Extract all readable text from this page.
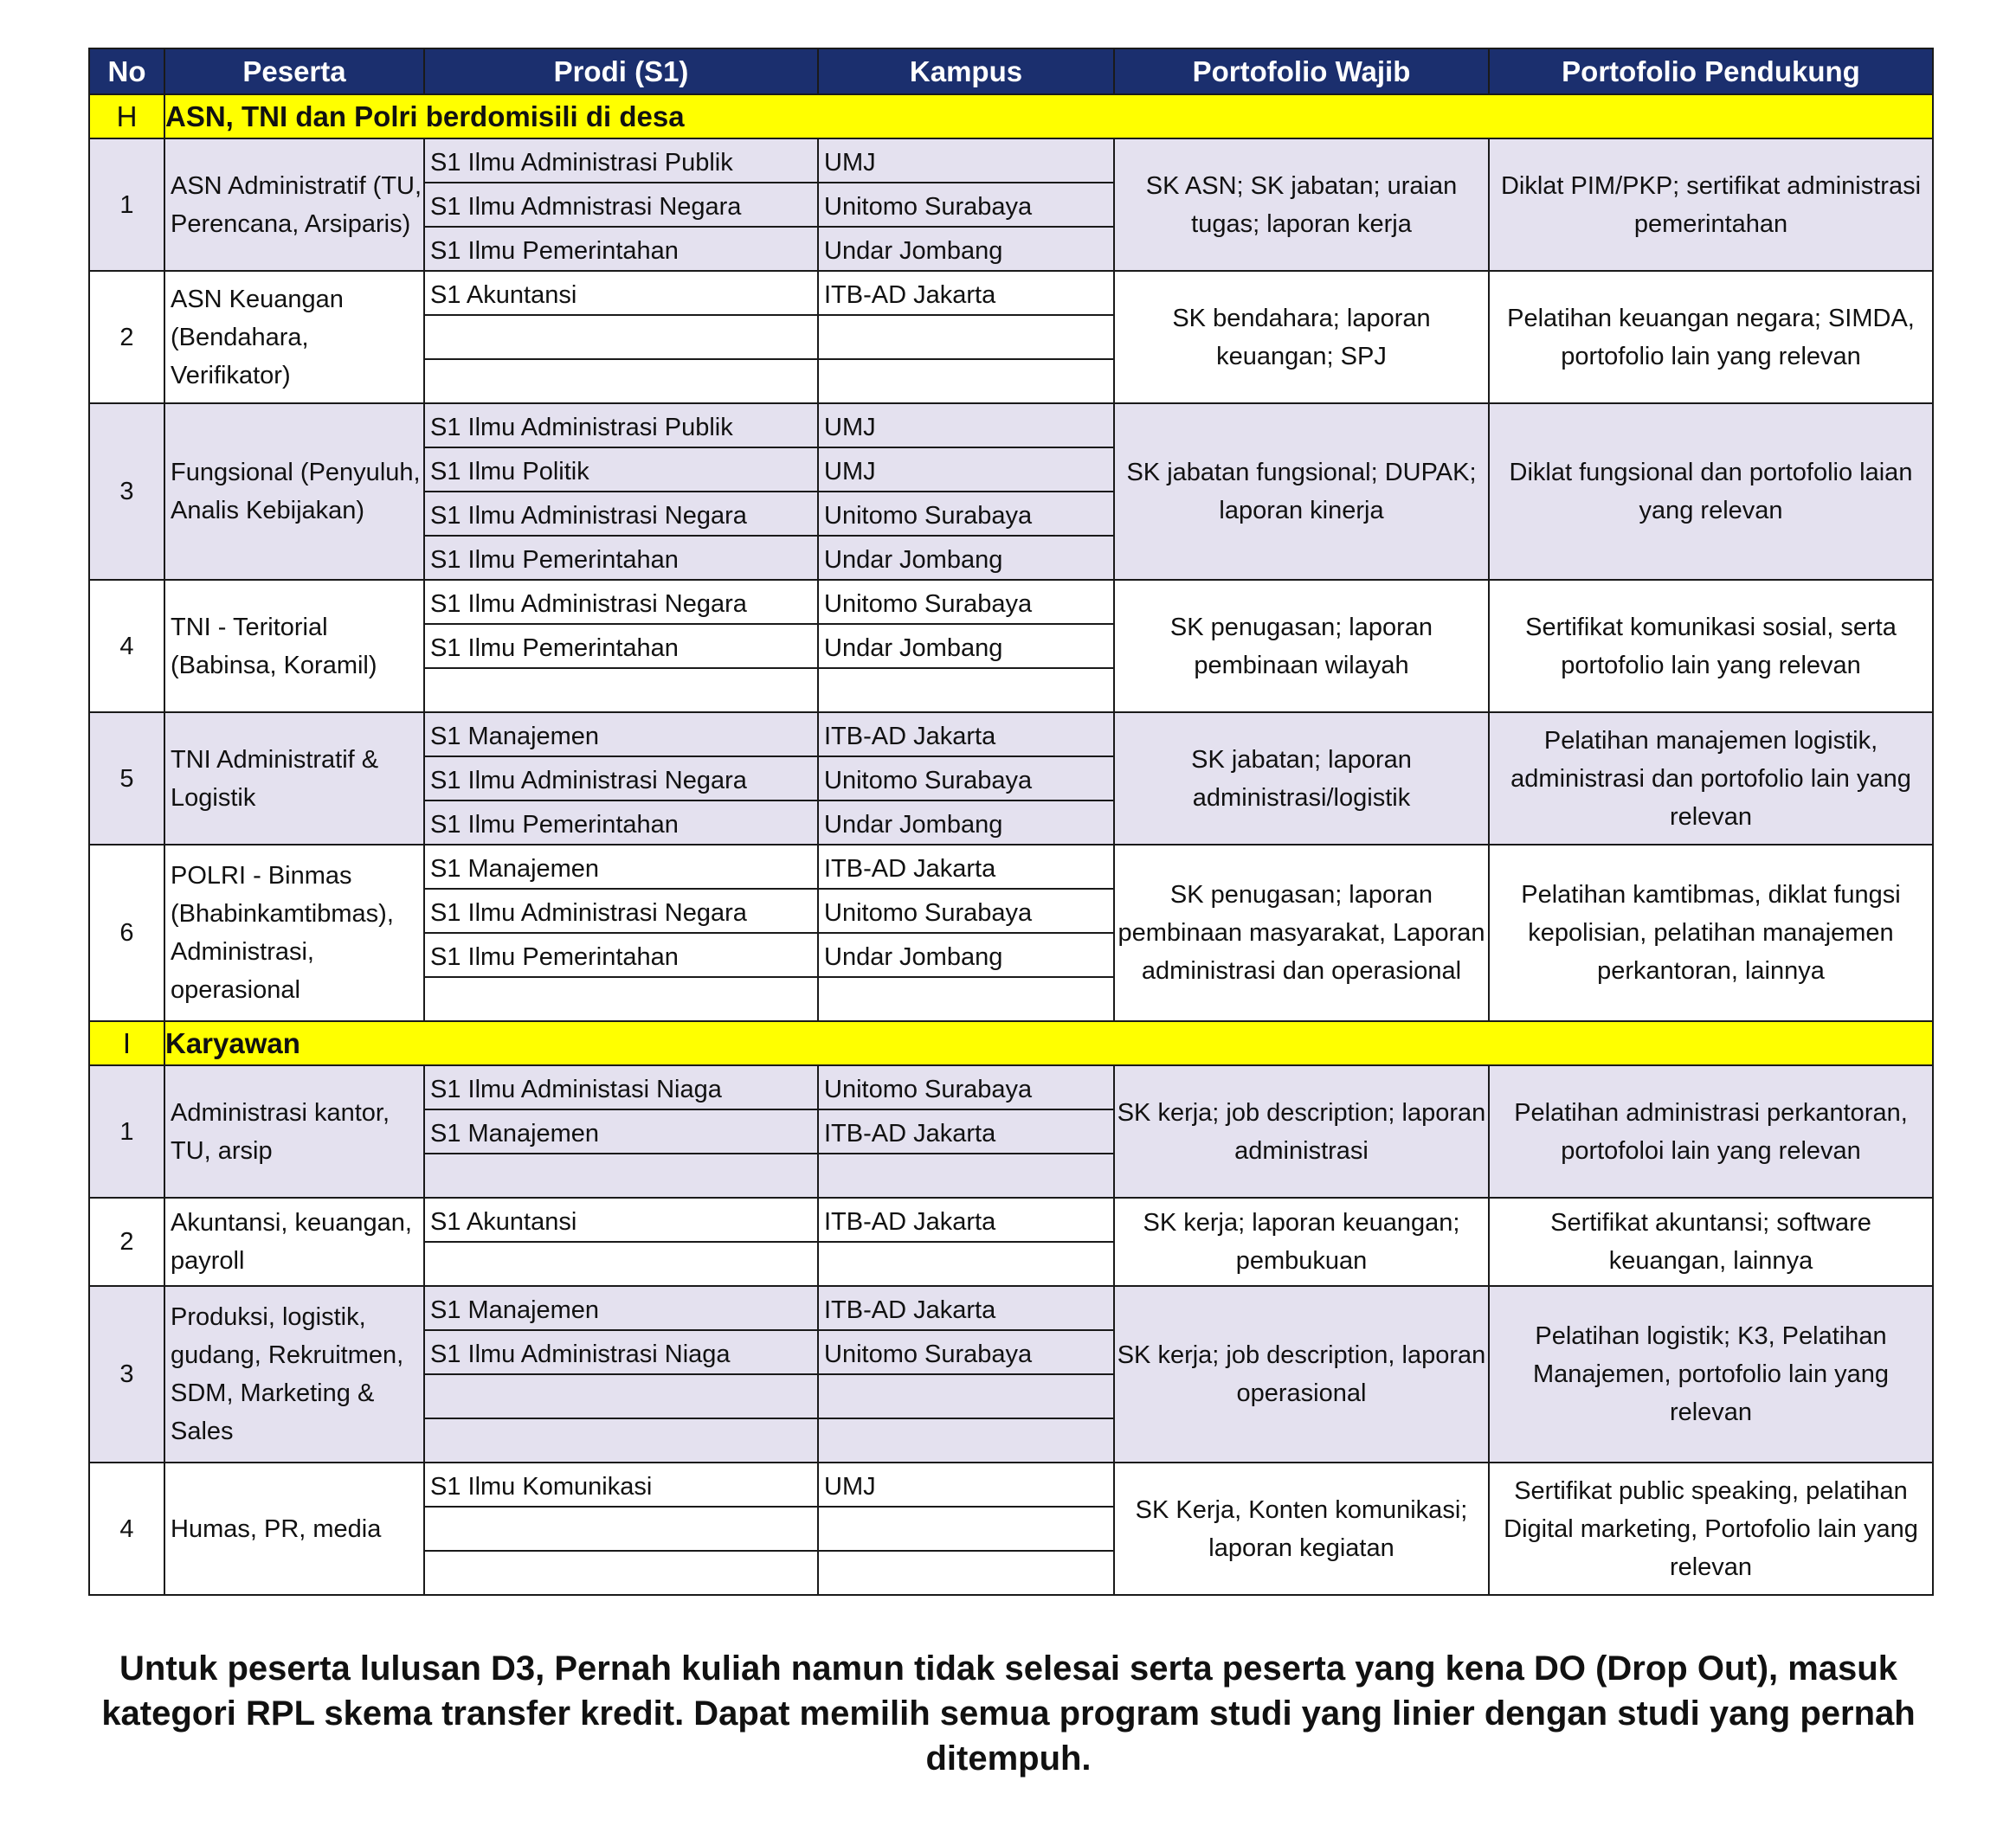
No	Peserta	Prodi (S1)	Kampus	Portofolio Wajib	Portofolio Pendukung
H	ASN, TNI dan Polri berdomisili di desa				
1	ASN Administratif (TU, Perencana, Arsiparis)	S1 Ilmu Administrasi Publik	UMJ	SK ASN; SK jabatan; uraian tugas; laporan kerja	Diklat PIM/PKP; sertifikat administrasi pemerintahan
		S1 Ilmu Admnistrasi Negara	Unitomo Surabaya		
		S1 Ilmu Pemerintahan	Undar Jombang		
2	ASN Keuangan (Bendahara, Verifikator)	S1 Akuntansi	ITB-AD Jakarta	SK bendahara; laporan keuangan; SPJ	Pelatihan keuangan negara; SIMDA, portofolio lain yang relevan

3	Fungsional (Penyuluh, Analis Kebijakan)	S1 Ilmu Administrasi Publik	UMJ	SK jabatan fungsional; DUPAK; laporan kinerja	Diklat fungsional dan portofolio laian yang relevan
		S1 Ilmu Politik	UMJ		
		S1 Ilmu Administrasi Negara	Unitomo Surabaya		
		S1 Ilmu Pemerintahan	Undar Jombang		
4	TNI - Teritorial (Babinsa, Koramil)	S1 Ilmu Administrasi Negara	Unitomo Surabaya	SK penugasan; laporan pembinaan wilayah	Sertifikat komunikasi sosial, serta portofolio lain yang relevan
		S1 Ilmu Pemerintahan	Undar Jombang		

5	TNI Administratif & Logistik	S1 Manajemen	ITB-AD Jakarta	SK jabatan; laporan administrasi/logistik	Pelatihan manajemen logistik, administrasi dan portofolio lain yang relevan
		S1 Ilmu Administrasi Negara	Unitomo Surabaya		
		S1 Ilmu Pemerintahan	Undar Jombang		
6	POLRI - Binmas (Bhabinkamtibmas), Administrasi, operasional	S1 Manajemen	ITB-AD Jakarta	SK penugasan; laporan pembinaan masyarakat, Laporan administrasi dan operasional	Pelatihan kamtibmas, diklat fungsi kepolisian, pelatihan manajemen perkantoran, lainnya
		S1 Ilmu Administrasi Negara	Unitomo Surabaya		
		S1 Ilmu Pemerintahan	Undar Jombang		

I	Karyawan				
1	Administrasi kantor, TU, arsip	S1 Ilmu Administasi Niaga	Unitomo Surabaya	SK kerja; job description; laporan administrasi	Pelatihan administrasi perkantoran, portofoloi lain yang relevan
		S1 Manajemen	ITB-AD Jakarta		

2	Akuntansi, keuangan, payroll	S1 Akuntansi	ITB-AD Jakarta	SK kerja; laporan keuangan; pembukuan	Sertifikat akuntansi; software keuangan, lainnya

3	Produksi, logistik, gudang, Rekruitmen, SDM, Marketing & Sales	S1 Manajemen	ITB-AD Jakarta	SK kerja; job description, laporan operasional	Pelatihan logistik; K3, Pelatihan Manajemen, portofolio lain yang relevan
		S1 Ilmu Administrasi Niaga	Unitomo Surabaya		

4	Humas, PR, media	S1 Ilmu Komunikasi	UMJ	SK Kerja, Konten komunikasi; laporan kegiatan	Sertifikat public speaking, pelatihan Digital marketing, Portofolio lain yang relevan

Untuk peserta lulusan D3, Pernah kuliah namun tidak selesai serta peserta yang kena DO (Drop Out), masuk kategori RPL skema transfer kredit. Dapat memilih semua program studi yang linier dengan studi yang pernah ditempuh.
